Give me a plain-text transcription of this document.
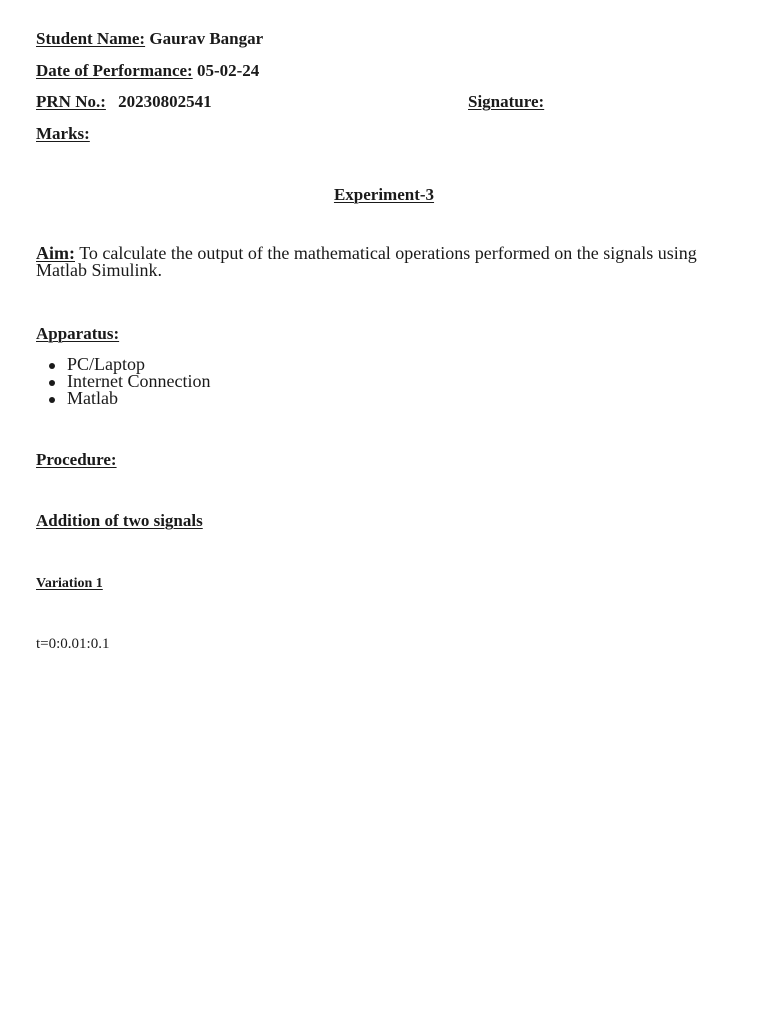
Student Name: Gaurav Bangar
Date of Performance: 05-02-24
PRN No.: 20230802541	Signature:
Marks:
Experiment-3
Aim: To calculate the output of the mathematical operations performed on the signals using Matlab Simulink.
Apparatus:
PC/Laptop
Internet Connection
Matlab
Procedure:
Addition of two signals
Variation 1
t=0:0.01:0.1
